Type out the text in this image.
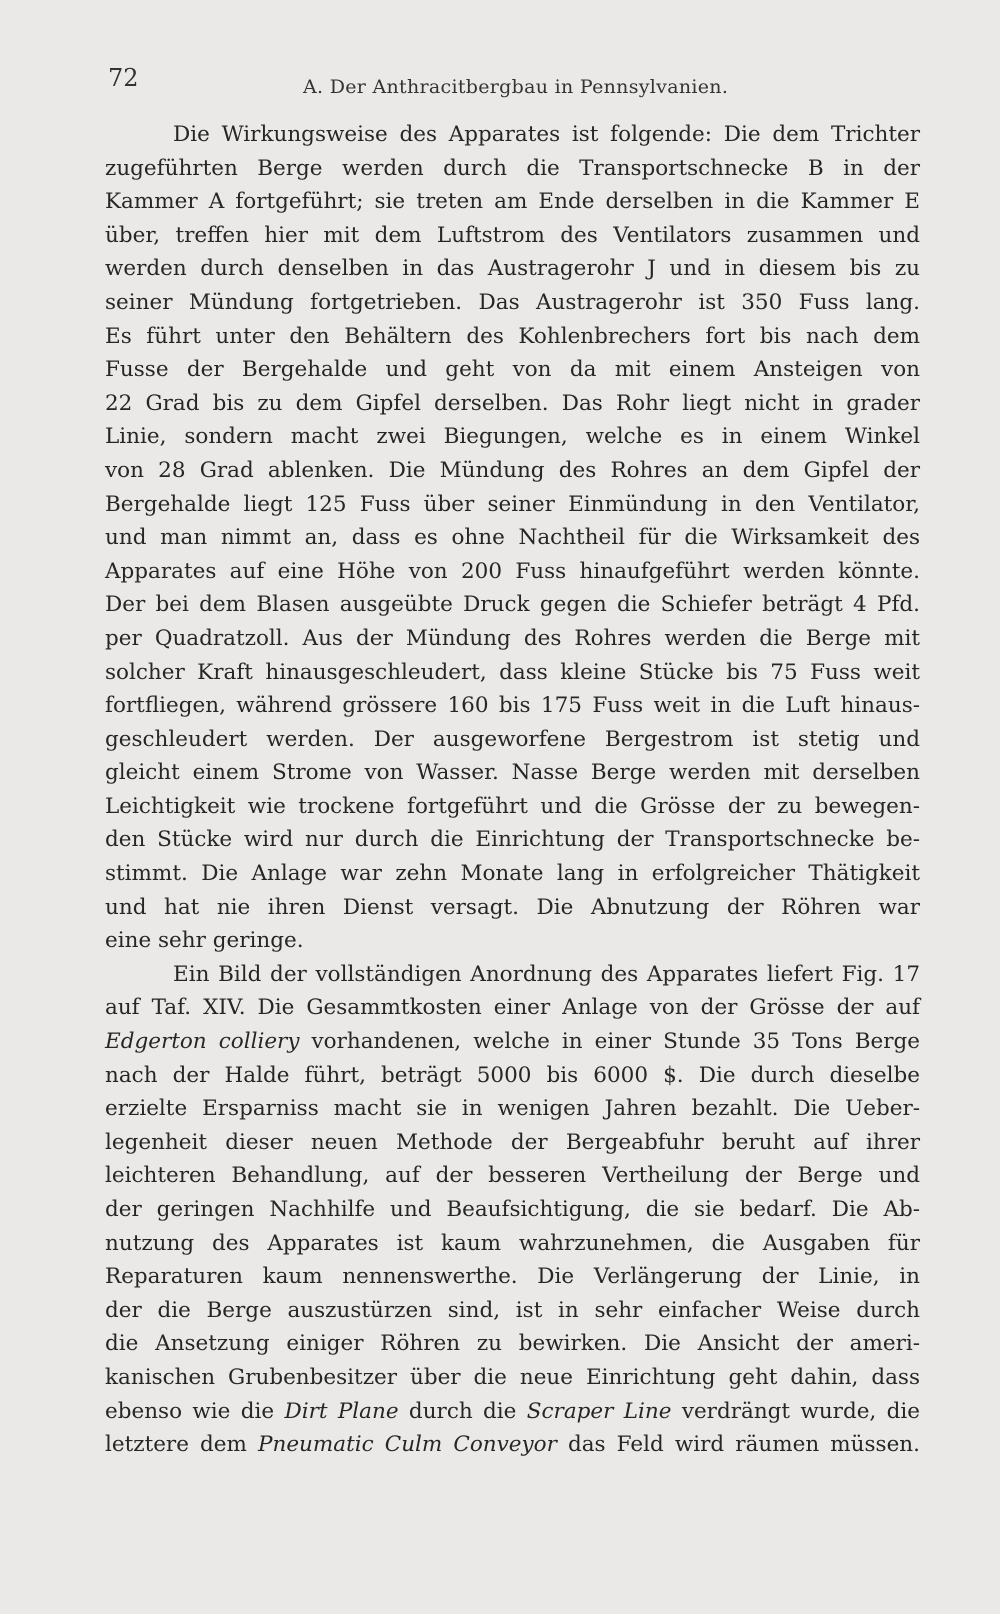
72	A. Der Anthracitbergbau in Pennsylvanien.
Die Wirkungsweise des Apparates ist folgende: Die dem Trichter
zugeführten Berge werden durch die Transportschnecke B in der
Kammer A fortgeführt; sie treten am Ende derselben in die Kammer E
über, treffen hier mit dem Luftstrom des Ventilators zusammen und
werden durch denselben in das Austragerohr J und in diesem bis zu
seiner Mündung fortgetrieben. Das Austragerohr ist 350 Fuss lang.
Es führt unter den Behältern des Kohlenbrechers fort bis nach dem
Fusse der Bergehalde und geht von da mit einem Ansteigen von
22 Grad bis zu dem Gipfel derselben. Das Rohr liegt nicht in grader
Linie, sondern macht zwei Biegungen, welche es in einem Winkel
von 28 Grad ablenken. Die Mündung des Rohres an dem Gipfel der
Bergehalde liegt 125 Fuss über seiner Einmündung in den Ventilator,
und man nimmt an, dass es ohne Nachtheil für die Wirksamkeit des
Apparates auf eine Höhe von 200 Fuss hinaufgeführt werden könnte.
Der bei dem Blasen ausgeübte Druck gegen die Schiefer beträgt 4 Pfd.
per Quadratzoll. Aus der Mündung des Rohres werden die Berge mit
solcher Kraft hinausgeschleudert, dass kleine Stücke bis 75 Fuss weit
fortfliegen, während grössere 160 bis 175 Fuss weit in die Luft hinaus-
geschleudert werden. Der ausgeworfene Bergestrom ist stetig und
gleicht einem Strome von Wasser. Nasse Berge werden mit derselben
Leichtigkeit wie trockene fortgeführt und die Grösse der zu bewegen-
den Stücke wird nur durch die Einrichtung der Transportschnecke be-
stimmt. Die Anlage war zehn Monate lang in erfolgreicher Thätigkeit
und hat nie ihren Dienst versagt. Die Abnutzung der Röhren war
eine sehr geringe.
Ein Bild der vollständigen Anordnung des Apparates liefert Fig. 17
auf Taf. XIV. Die Gesammtkosten einer Anlage von der Grösse der auf
Edgerton colliery vorhandenen, welche in einer Stunde 35 Tons Berge
nach der Halde führt, beträgt 5000 bis 6000 $. Die durch dieselbe
erzielte Ersparniss macht sie in wenigen Jahren bezahlt. Die Ueber-
legenheit dieser neuen Methode der Bergeabfuhr beruht auf ihrer
leichteren Behandlung, auf der besseren Vertheilung der Berge und
der geringen Nachhilfe und Beaufsichtigung, die sie bedarf. Die Ab-
nutzung des Apparates ist kaum wahrzunehmen, die Ausgaben für
Reparaturen kaum nennenswerthe. Die Verlängerung der Linie, in
der die Berge auszustürzen sind, ist in sehr einfacher Weise durch
die Ansetzung einiger Röhren zu bewirken. Die Ansicht der ameri-
kanischen Grubenbesitzer über die neue Einrichtung geht dahin, dass
ebenso wie die Dirt Plane durch die Scraper Line verdrängt wurde, die
letztere dem Pneumatic Culm Conveyor das Feld wird räumen müssen.
